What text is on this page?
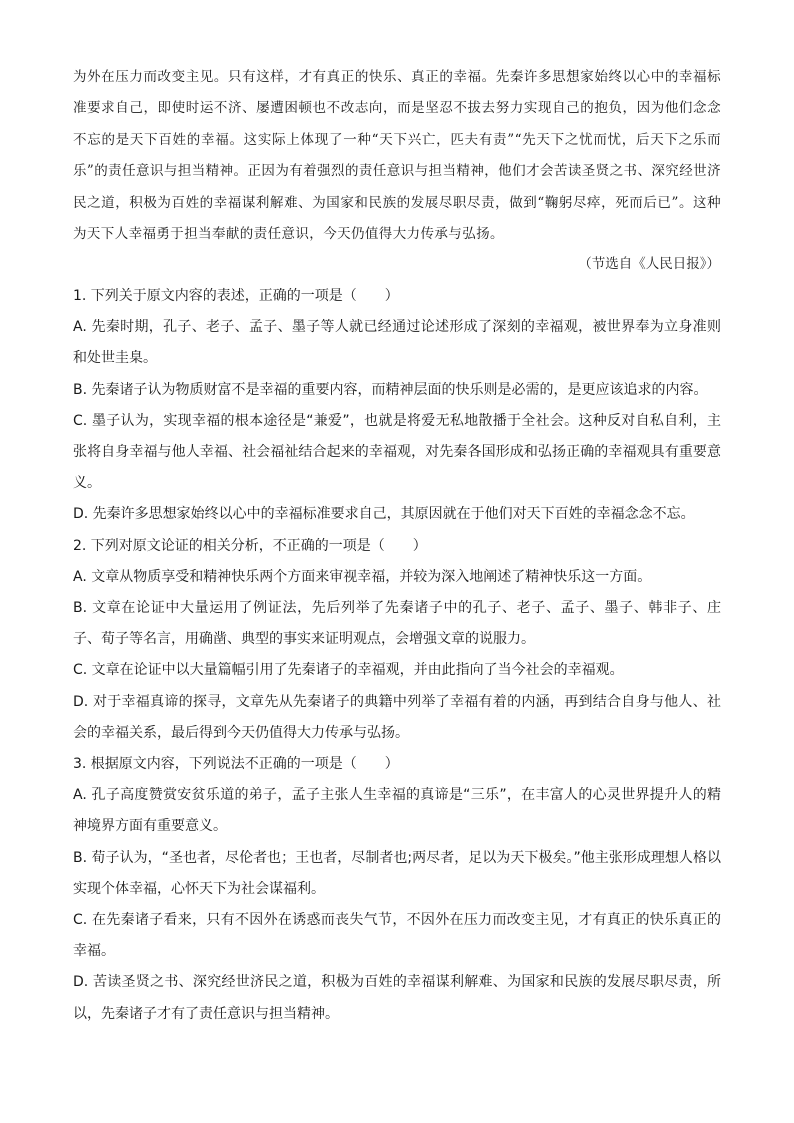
为外在压力而改变主见。只有这样，才有真正的快乐、真正的幸福。先秦许多思想家始终以心中的幸福标准要求自己，即使时运不济、屡遭困顿也不改志向，而是坚忍不拔去努力实现自己的抱负，因为他们念念不忘的是天下百姓的幸福。这实际上体现了一种“天下兴亡，匹夫有责”“先天下之忧而忧，后天下之乐而乐”的责任意识与担当精神。正因为有着强烈的责任意识与担当精神，他们才会苦读圣贤之书、深究经世济民之道，积极为百姓的幸福谋利解难、为国家和民族的发展尽职尽责，做到“鞠躬尽瘁，死而后已”。这种为天下人幸福勇于担当奉献的责任意识，今天仍值得大力传承与弘扬。
（节选自《人民日报》）

1. 下列关于原文内容的表述，正确的一项是（　　）

A. 先秦时期，孔子、老子、孟子、墨子等人就已经通过论述形成了深刻的幸福观，被世界奉为立身准则和处世圭臬。

B. 先秦诸子认为物质财富不是幸福的重要内容，而精神层面的快乐则是必需的，是更应该追求的内容。

C. 墨子认为，实现幸福的根本途径是“兼爱”，也就是将爱无私地散播于全社会。这种反对自私自利，主张将自身幸福与他人幸福、社会福祉结合起来的幸福观，对先秦各国形成和弘扬正确的幸福观具有重要意义。

D. 先秦许多思想家始终以心中的幸福标准要求自己，其原因就在于他们对天下百姓的幸福念念不忘。

2. 下列对原文论证的相关分析，不正确的一项是（　　）

A. 文章从物质享受和精神快乐两个方面来审视幸福，并较为深入地阐述了精神快乐这一方面。

B. 文章在论证中大量运用了例证法，先后列举了先秦诸子中的孔子、老子、孟子、墨子、韩非子、庄子、荀子等名言，用确凿、典型的事实来证明观点，会增强文章的说服力。

C. 文章在论证中以大量篇幅引用了先秦诸子的幸福观，并由此指向了当今社会的幸福观。

D. 对于幸福真谛的探寻，文章先从先秦诸子的典籍中列举了幸福有着的内涵，再到结合自身与他人、社会的幸福关系，最后得到今天仍值得大力传承与弘扬。

3. 根据原文内容，下列说法不正确的一项是（　　）

A. 孔子高度赞赏安贫乐道的弟子，孟子主张人生幸福的真谛是“三乐”，在丰富人的心灵世界提升人的精神境界方面有重要意义。

B. 荀子认为，“圣也者，尽伦者也；王也者，尽制者也;两尽者，足以为天下极矣。”他主张形成理想人格以实现个体幸福，心怀天下为社会谋福利。

C. 在先秦诸子看来，只有不因外在诱惑而丧失气节，不因外在压力而改变主见，才有真正的快乐真正的幸福。

D. 苦读圣贤之书、深究经世济民之道，积极为百姓的幸福谋利解难、为国家和民族的发展尽职尽责，所以，先秦诸子才有了责任意识与担当精神。
